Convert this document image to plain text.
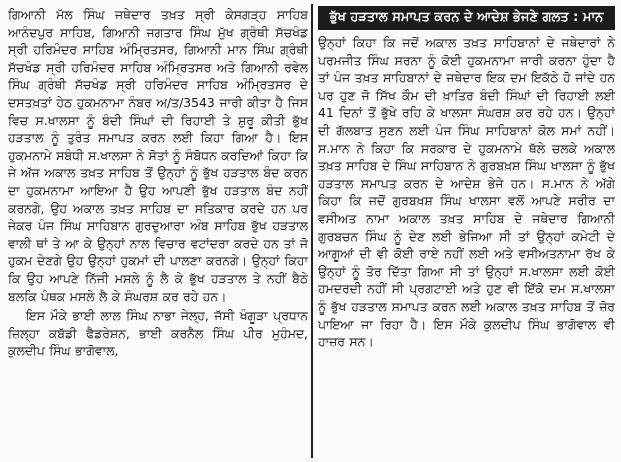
ਗਿਆਨੀ ਮੱਲ ਸਿੰਘ ਜਥੇਦਾਰ ਤਖ਼ਤ ਸ੍ਰੀ ਕੇਸਗੜ੍ਹ ਸਾਹਿਬ ਆਨੰਦਪੁਰ ਸਾਹਿਬ, ਗਿਆਨੀ ਜਗਤਾਰ ਸਿੰਘ ਮੁੱਖ ਗ੍ਰੰਥੀ ਸੱਚਖੰਡ ਸ੍ਰੀ ਹਰਿਮੰਦਰ ਸਾਹਿਬ ਅੰਮ੍ਰਿਤਸਰ, ਗਿਆਨੀ ਮਾਨ ਸਿੰਘ ਗ੍ਰੰਥੀ ਸੱਚਖੰਡ ਸ੍ਰੀ ਹਰਿਮੰਦਰ ਸਾਹਿਬ ਅੰਮ੍ਰਿਤਸਰ ਅਤੇ ਗਿਆਨੀ ਰਵੇਲ ਸਿੰਘ ਗ੍ਰੰਥੀ ਸੱਚਖੰਡ ਸ੍ਰੀ ਹਰਿਮੰਦਰ ਸਾਹਿਬ ਅੰਮ੍ਰਿਤਸਰ ਦੇ ਦਸਤਖ਼ਤਾਂ ਹੇਠ ਹੁਕਮਨਾਮਾ ਨੰਬਰ ਅ/ਤ/3543 ਜਾਰੀ ਕੀਤਾ ਹੈ ਜਿਸ ਵਿਚ ਸ.ਖਾਲਸਾ ਨੂੰ ਬੰਦੀ ਸਿੰਘਾਂ ਦੀ ਰਿਹਾਈ ਤੇ ਸ਼ੁਰੂ ਕੀਤੀ ਭੁੱਖ ਹੜਤਾਲ ਨੂੰ ਤੁਰੰਤ ਸਮਾਪਤ ਕਰਨ ਲਈ ਕਿਹਾ ਗਿਆ ਹੈ। ਇਸ ਹੁਕਮਨਾਮੇ ਸਬੰਧੀ ਸ.ਖਾਲਸਾ ਨੇ ਸੋਤਾਂ ਨੂੰ ਸੰਬੋਧਨ ਕਰਦਿਆਂ ਕਿਹਾ ਕਿ ਜੇ ਅੱਜ ਅਕਾਲ ਤਖ਼ਤ ਸਾਹਿਬ ਤੋਂ ਉਨ੍ਹਾਂ ਨੂੰ ਭੁੱਖ ਹੜਤਾਲ ਬੰਦ ਕਰਨ ਦਾ ਹੁਕਮਨਾਮਾ ਆਇਆ ਹੈ ਉਹ ਆਪਣੀ ਭੁੱਖ ਹੜਤਾਲ ਬੰਦ ਨਹੀਂ ਕਰਨਗੇ, ਉਹ ਅਕਾਲ ਤਖ਼ਤ ਸਾਹਿਬ ਦਾ ਸਤਿਕਾਰ ਕਰਦੇ ਹਨ ਪਰ ਜੇਕਰ ਪੰਜ ਸਿੰਘ ਸਾਹਿਬਾਨ ਗੁਰਦੁਆਰਾ ਅੰਬ ਸਾਹਿਬ ਭੁੱਖ ਹੜਤਾਲ ਵਾਲੀ ਥਾਂ ਤੇ ਆ ਕੇ ਉਨ੍ਹਾਂ ਨਾਲ ਵਿਚਾਰ ਵਟਾਂਦਰਾ ਕਰਦੇ ਹਨ ਤਾਂ ਜੋ ਹੁਕਮ ਦੇਣਗੇ ਉਹ ਉਨ੍ਹਾਂ ਹੁਕਮਾਂ ਦੀ ਪਾਲਣਾ ਕਰਨਗੇ। ਉਨ੍ਹਾਂ ਕਿਹਾ ਕਿ ਉਹ ਆਪਣੇ ਨਿੱਜੀ ਮਸਲੇ ਨੂੰ ਲੈ ਕੇ ਭੁੱਖ ਹੜਤਾਲ ਤੇ ਨਹੀਂ ਬੈਠੇ ਬਲਕਿ ਪੰਥਕ ਮਸਲੇ ਲੈ ਕੇ ਸੰਘਰਸ਼ ਕਰ ਰਹੇ ਹਨ।

ਇਸ ਮੌਕੇ ਭਾਈ ਲਾਲ ਸਿੰਘ ਨਾਭਾ ਜੇਲ੍ਹ, ਜੱਸੀ ਖੰਗੂੜਾ ਪ੍ਰਧਾਨ ਜ਼ਿਲ੍ਹਾ ਕਬੱਡੀ ਫੈਡਰੇਸ਼ਨ, ਭਾਈ ਕਰਨੈਲ ਸਿੰਘ ਪੀਰ ਮੁਹੰਮਦ, ਕੁਲਦੀਪ ਸਿੰਘ ਭਾਗੋਵਾਲ,

ਭੁੱਖ ਹੜਤਾਲ ਸਮਾਪਤ ਕਰਨ ਦੇ ਆਦੇਸ਼ ਭੇਜਣੇ ਗਲਤ : ਮਾਨ

ਉਨ੍ਹਾਂ ਕਿਹਾ ਕਿ ਜਦੋਂ ਅਕਾਲ ਤਖ਼ਤ ਸਾਹਿਬਾਨਾਂ ਦੇ ਜਥੇਦਾਰਾਂ ਨੇ ਪਰਮਜੀਤ ਸਿੰਘ ਸਰਨਾ ਨੂੰ ਕੋਈ ਹੁਕਮਨਾਮਾ ਜਾਰੀ ਕਰਨਾ ਹੁੰਦਾ ਹੈ ਤਾਂ ਪੰਜ ਤਖ਼ਤ ਸਾਹਿਬਾਨਾਂ ਦੇ ਜਥੇਦਾਰ ਇਕ ਦਮ ਇਕੱਠੇ ਹੋ ਜਾਂਦੇ ਹਨ ਪਰ ਹੁਣ ਜੋ ਸਿੱਖ ਕੌਮ ਦੀ ਖ਼ਾਤਿਰ ਬੰਦੀ ਸਿੰਘਾਂ ਦੀ ਰਿਹਾਈ ਲਈ 41 ਦਿਨਾਂ ਤੋਂ ਭੁੱਖੇ ਰਹਿ ਕੇ ਖਾਲਸਾ ਸੰਘਰਸ਼ ਕਰ ਰਹੇ ਹਨ। ਉਨ੍ਹਾਂ ਦੀ ਗੱਲਬਾਤ ਸੁਣਨ ਲਈ ਪੰਜ ਸਿੰਘ ਸਾਹਿਬਾਨਾਂ ਕੋਲ ਸਮਾਂ ਨਹੀਂ। ਸ.ਮਾਨ ਨੇ ਕਿਹਾ ਕਿ ਸਰਕਾਰ ਦੇ ਹੁਕਮਨਾਮੇ ਥੱਲੇ ਚਲਕੇ ਅਕਾਲ ਤਖ਼ਤ ਸਾਹਿਬ ਦੇ ਸਿੰਘ ਸਾਹਿਬਾਨ ਨੇ ਗੁਰਬਖ਼ਸ਼ ਸਿੰਘ ਖਾਲਸਾ ਨੂੰ ਭੁੱਖ ਹੜਤਾਲ ਸਮਾਪਤ ਕਰਨ ਦੇ ਆਦੇਸ਼ ਭੇਜੇ ਹਨ। ਸ.ਮਾਨ ਨੇ ਅੱਗੇ ਕਿਹਾ ਕਿ ਜਦੋਂ ਗੁਰਬਖ਼ਸ਼ ਸਿੰਘ ਖਾਲਸਾ ਵਲੋਂ ਆਪਣੇ ਸਰੀਰ ਦਾ ਵਸੀਅਤ ਨਾਮਾ ਅਕਾਲ ਤਖ਼ਤ ਸਾਹਿਬ ਦੇ ਜਥੇਦਾਰ ਗਿਆਨੀ ਗੁਰਬਚਨ ਸਿੰਘ ਨੂੰ ਦੇਣ ਲਈ ਭੇਜਿਆ ਸੀ ਤਾਂ ਉਨ੍ਹਾਂ ਕਮੇਟੀ ਦੇ ਆਗੂਆਂ ਦੀ ਵੀ ਕੋਈ ਰਾਏ ਨਹੀਂ ਲਈ ਅਤੇ ਵਸੀਅਤਨਾਮਾ ਰੱਖ ਕੇ ਉਨ੍ਹਾਂ ਨੂੰ ਤੋਰ ਦਿੱਤਾ ਗਿਆ ਸੀ ਤਾਂ ਉਨ੍ਹਾਂ ਸ.ਖਾਲਸਾ ਲਈ ਕੋਈ ਹਮਦਰਦੀ ਨਹੀਂ ਸੀ ਪ੍ਰਗਟਾਈ ਅਤੇ ਹੁਣ ਵੀ ਇੱਕੋ ਦਮ ਸ.ਖਾਲਸਾ ਨੂੰ ਭੁੱਖ ਹੜਤਾਲ ਸਮਾਪਤ ਕਰਨ ਲਈ ਅਕਾਲ ਤਖ਼ਤ ਸਾਹਿਬ ਤੋਂ ਜ਼ੋਰ ਪਾਇਆ ਜਾ ਰਿਹਾ ਹੈ। ਇਸ ਮੌਕੇ ਕੁਲਦੀਪ ਸਿੰਘ ਭਾਗੋਵਾਲ ਵੀ ਹਾਜ਼ਰ ਸਨ।
